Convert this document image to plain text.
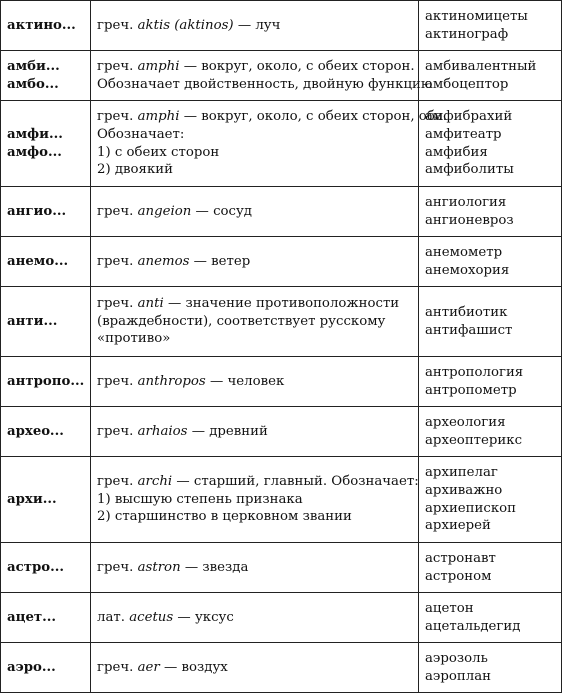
актино...	греч. aktis (aktinos) — луч	актиномицеты
актинограф

амби...
амбо...	греч. amphi — вокруг, около, с обеих сторон.
Обозначает двойственность, двойную функцию	амбивалентный
амбоцептор

амфи...
амфо...	греч. amphi — вокруг, около, с обеих сторон, оба.
Обозначает:
1) с обеих сторон
2) двоякий	амфибрахий
амфитеатр
амфибия
амфиболиты

ангио...	греч. angeion — сосуд	ангиология
ангионевроз

анемо...	греч. anemos — ветер	анемометр
анемохория

анти...	греч. anti — значение противоположности
(враждебности), соответствует русскому
«противо»	антибиотик
антифашист

антропо...	греч. anthropos — человек	антропология
антропометр

археo...	греч. arhaios — древний	археология
археоптерикс

архи...	греч. archi — старший, главный. Обозначает:
1) высшую степень признака
2) старшинство в церковном звании	архипелаг
архиважно
архиепископ
архиерей

астро...	греч. astron — звезда	астронавт
астроном

ацет...	лат. acetus — уксус	ацетон
ацетальдегид

аэро...	греч. aer — воздух	аэрозоль
аэроплан
